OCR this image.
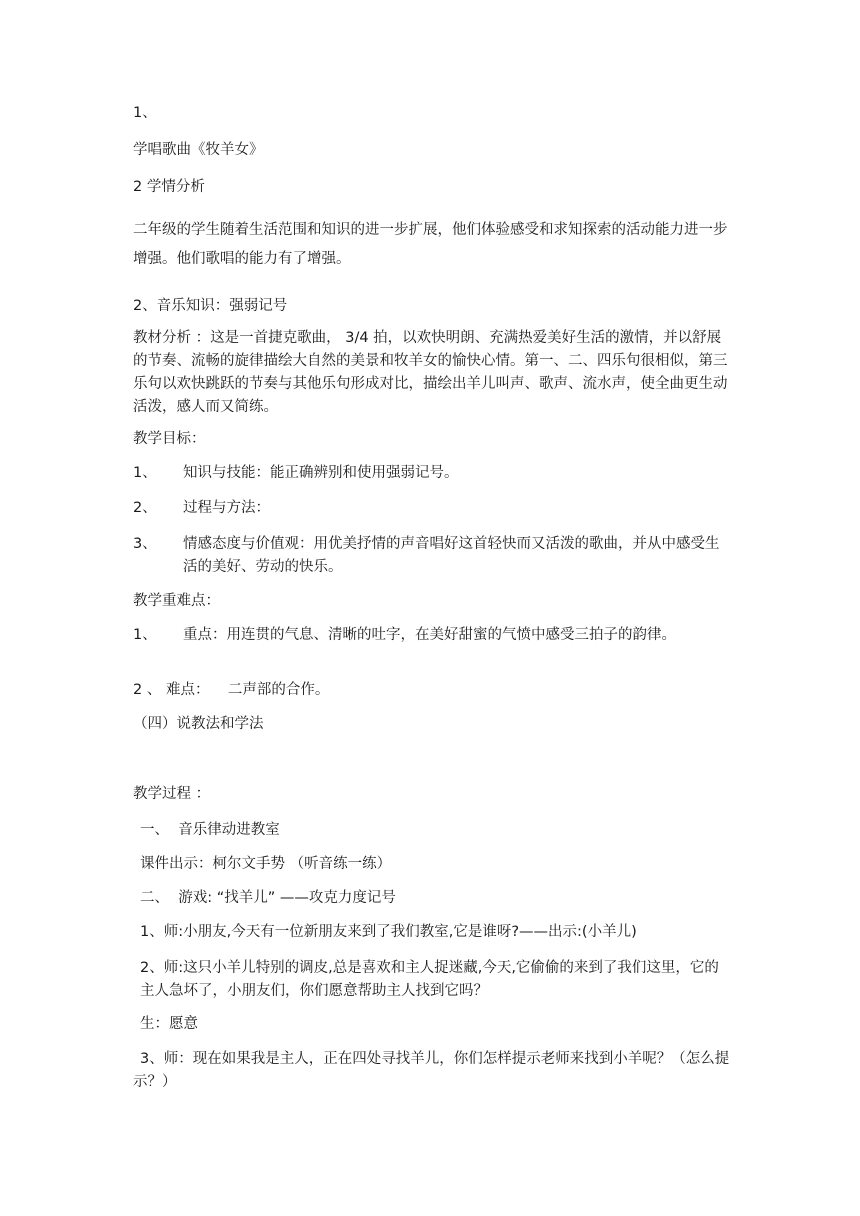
1、
学唱歌曲《牧羊女》
2 学情分析
二年级的学生随着生活范围和知识的进一步扩展，他们体验感受和求知探索的活动能力进一步增强。他们歌唱的能力有了增强。
2、音乐知识：强弱记号
教材分析 ：这是一首捷克歌曲， 3/4 拍，以欢快明朗、充满热爱美好生活的激情，并以舒展的节奏、流畅的旋律描绘大自然的美景和牧羊女的愉快心情。第一、二、四乐句很相似，第三乐句以欢快跳跃的节奏与其他乐句形成对比，描绘出羊儿叫声、歌声、流水声，使全曲更生动活泼，感人而又简练。
教学目标：
1、 知识与技能：能正确辨别和使用强弱记号。
2、 过程与方法：
3、 情感态度与价值观：用优美抒情的声音唱好这首轻快而又活泼的歌曲，并从中感受生活的美好、劳动的快乐。
教学重难点：
1、 重点：用连贯的气息、清晰的吐字，在美好甜蜜的气愤中感受三拍子的韵律。
2 、 难点：    二声部的合作。
（四）说教法和学法
教学过程 ：
一、  音乐律动进教室
课件出示：柯尔文手势 （听音练一练）
二、  游戏: “找羊儿” ——攻克力度记号
1、师:小朋友,今天有一位新朋友来到了我们教室,它是谁呀?——出示:(小羊儿)
2、师:这只小羊儿特别的调皮,总是喜欢和主人捉迷藏,今天,它偷偷的来到了我们这里，它的主人急坏了，小朋友们，你们愿意帮助主人找到它吗？
生：愿意
3、师：现在如果我是主人，正在四处寻找羊儿，你们怎样提示老师来找到小羊呢？（怎么提示？）
